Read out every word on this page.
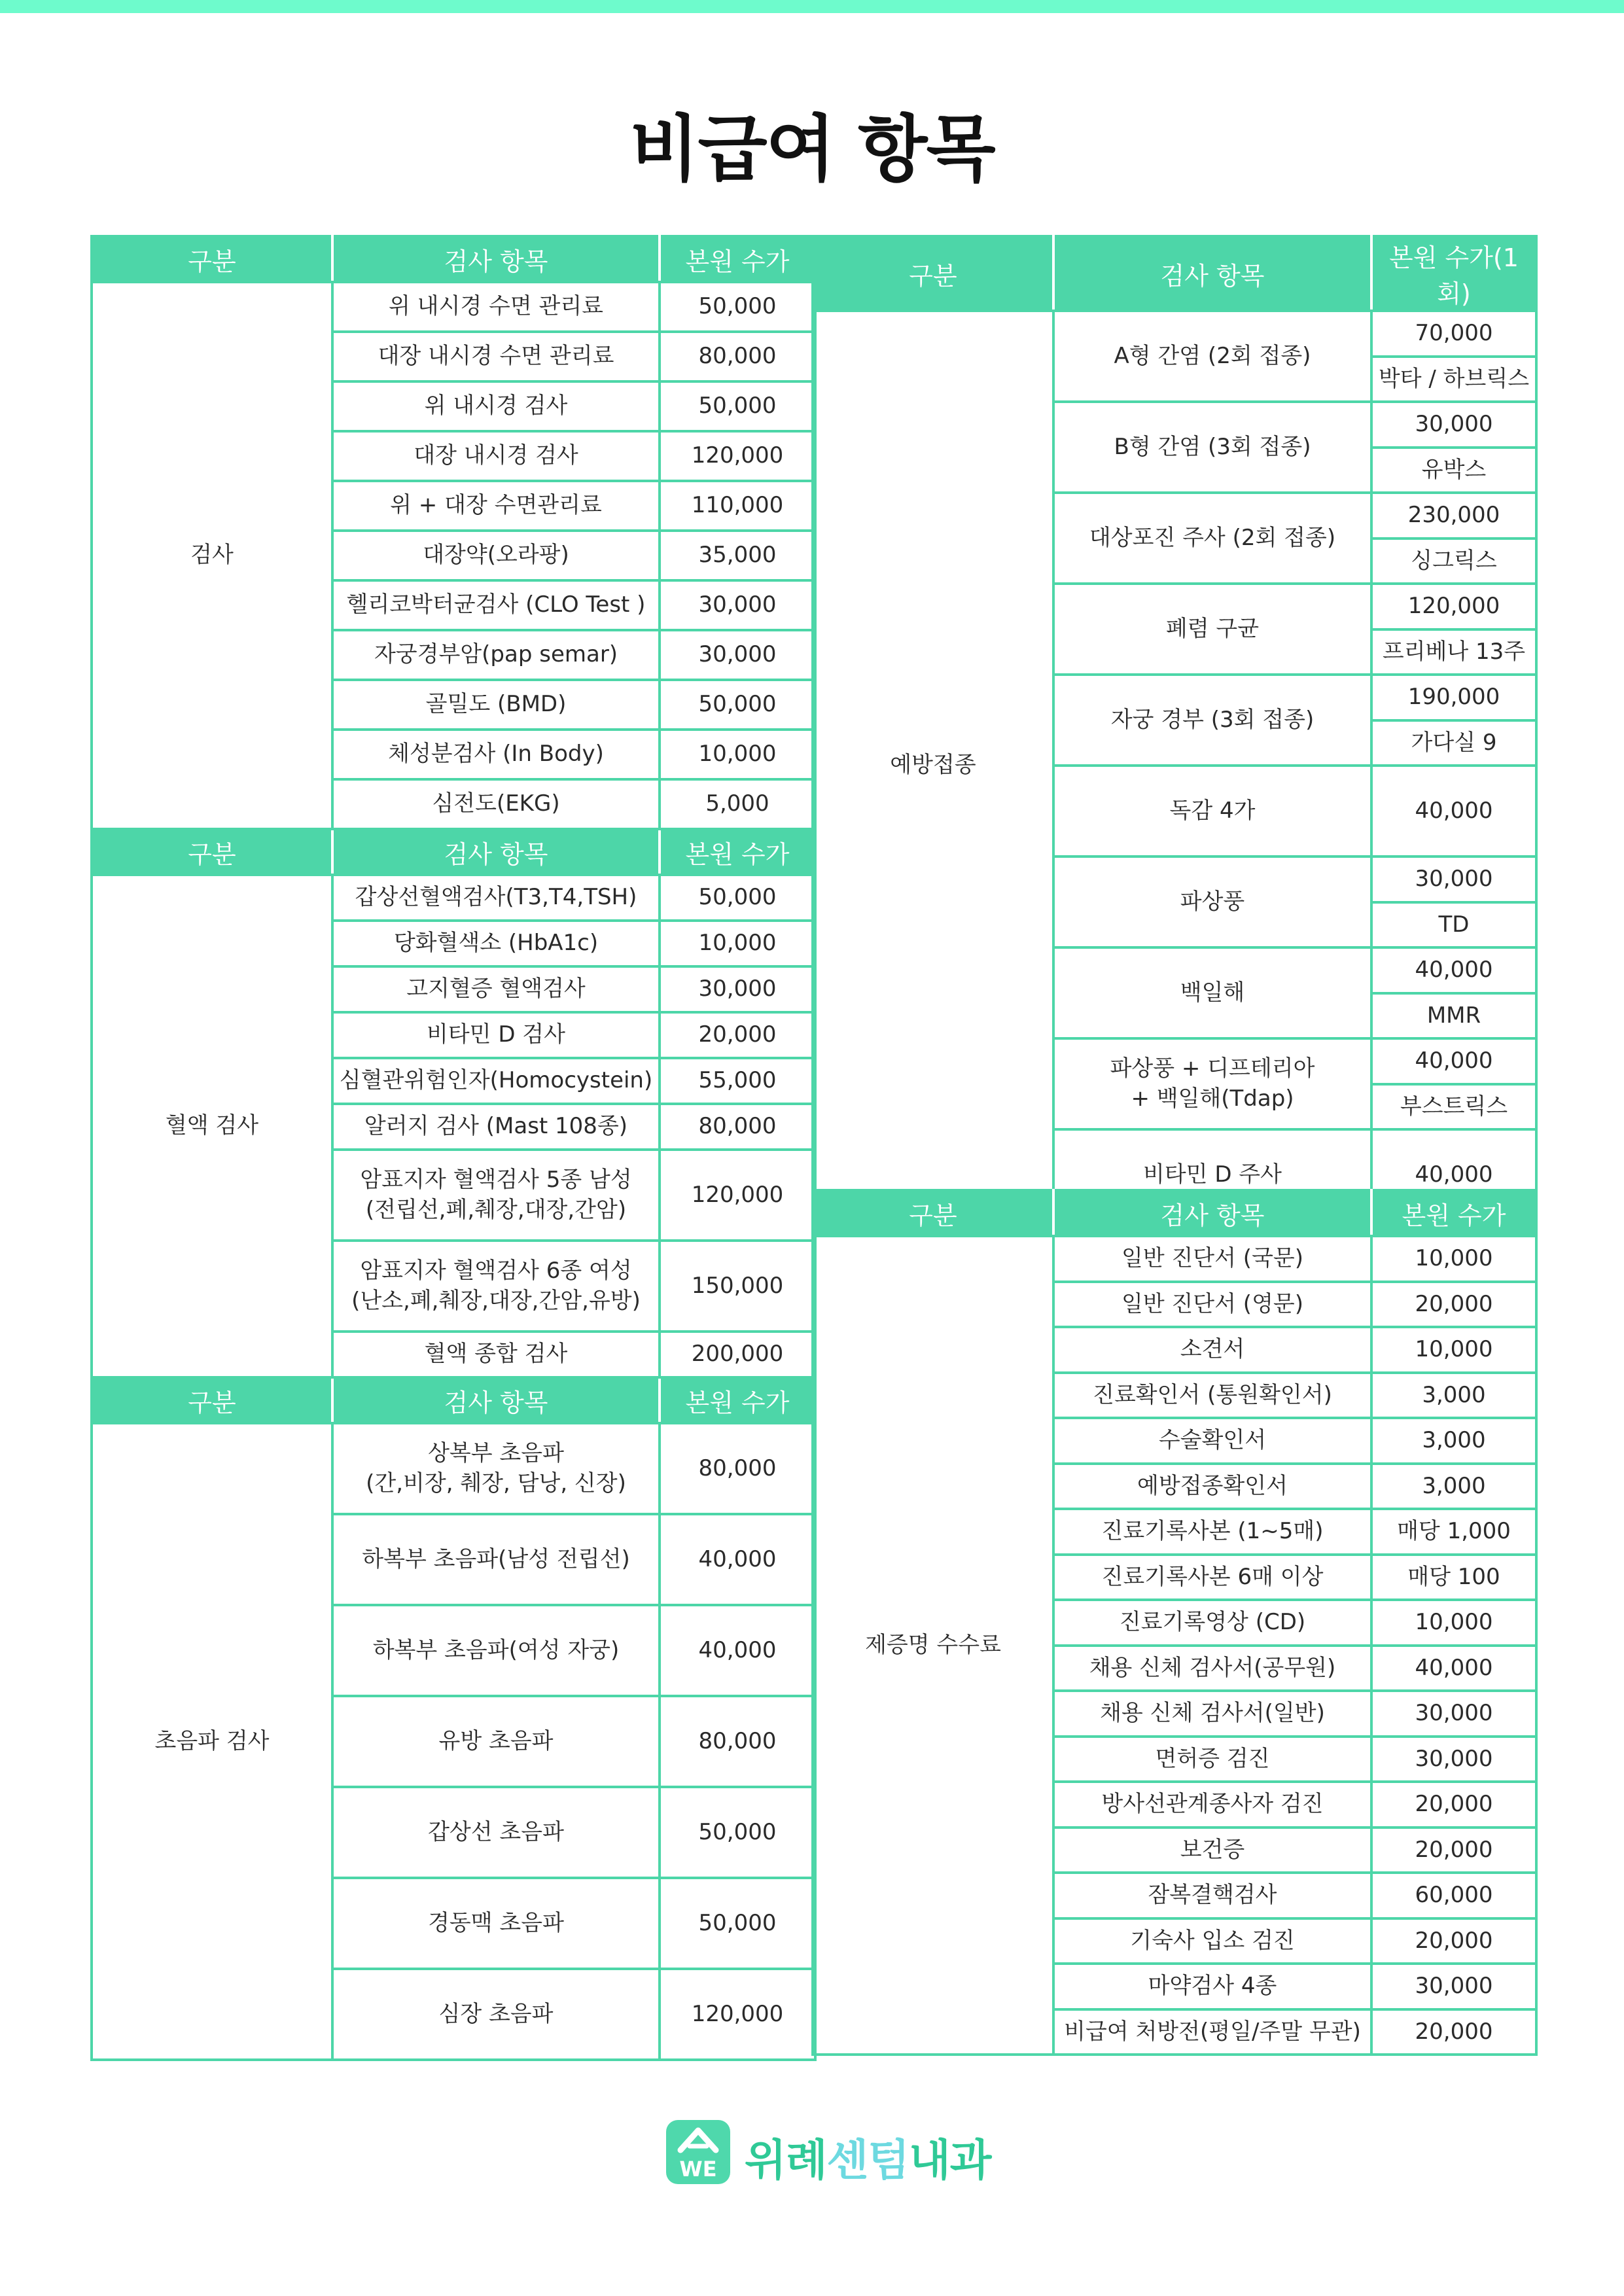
비급여 항목
구분	검사 항목	본원 수가
검사	위 내시경 수면 관리료	50,000
	대장 내시경 수면 관리료	80,000
	위 내시경 검사	50,000
	대장 내시경 검사	120,000
	위 + 대장 수면관리료	110,000
	대장약(오라팡)	35,000
	헬리코박터균검사 (CLO Test )	30,000
	자궁경부암(pap semar)	30,000
	골밀도 (BMD)	50,000
	체성분검사 (In Body)	10,000
	심전도(EKG)	5,000
구분	검사 항목	본원 수가
혈액 검사	갑상선혈액검사(T3,T4,TSH)	50,000
	당화혈색소 (HbA1c)	10,000
	고지혈증 혈액검사	30,000
	비타민 D 검사	20,000
	심혈관위험인자(Homocystein)	55,000
	알러지 검사 (Mast 108종)	80,000
	암표지자 혈액검사 5종 남성
(전립선,폐,췌장,대장,간암)	120,000
	암표지자 혈액검사 6종 여성
(난소,폐,췌장,대장,간암,유방)	150,000
	혈액 종합 검사	200,000
구분	검사 항목	본원 수가
초음파 검사	상복부 초음파
(간,비장, 췌장, 담낭, 신장)	80,000
	하복부 초음파(남성 전립선)	40,000
	하복부 초음파(여성 자궁)	40,000
	유방 초음파	80,000
	갑상선 초음파	50,000
	경동맥 초음파	50,000
	심장 초음파	120,000
구분	검사 항목	본원 수가(1회)
예방접종	A형 간염 (2회 접종)	70,000
		박타 / 하브릭스
	B형 간염 (3회 접종)	30,000
		유박스
	대상포진 주사 (2회 접종)	230,000
		싱그릭스
	폐렴 구균	120,000
		프리베나 13주
	자궁 경부 (3회 접종)	190,000
		가다실 9
	독감 4가	40,000
	파상풍	30,000
		TD
	백일해	40,000
		MMR
	파상풍 + 디프테리아
+ 백일해(Tdap)	40,000
		부스트릭스
	비타민 D 주사	40,000
구분	검사 항목	본원 수가
제증명 수수료	일반 진단서 (국문)	10,000
	일반 진단서 (영문)	20,000
	소견서	10,000
	진료확인서 (통원확인서)	3,000
	수술확인서	3,000
	예방접종확인서	3,000
	진료기록사본 (1~5매)	매당 1,000
	진료기록사본 6매 이상	매당 100
	진료기록영상 (CD)	10,000
	채용 신체 검사서(공무원)	40,000
	채용 신체 검사서(일반)	30,000
	면허증 검진	30,000
	방사선관계종사자 검진	20,000
	보건증	20,000
	잠복결핵검사	60,000
	기숙사 입소 검진	20,000
	마약검사 4종	30,000
	비급여 처방전(평일/주말 무관)	20,000
WE 위례센텀내과
